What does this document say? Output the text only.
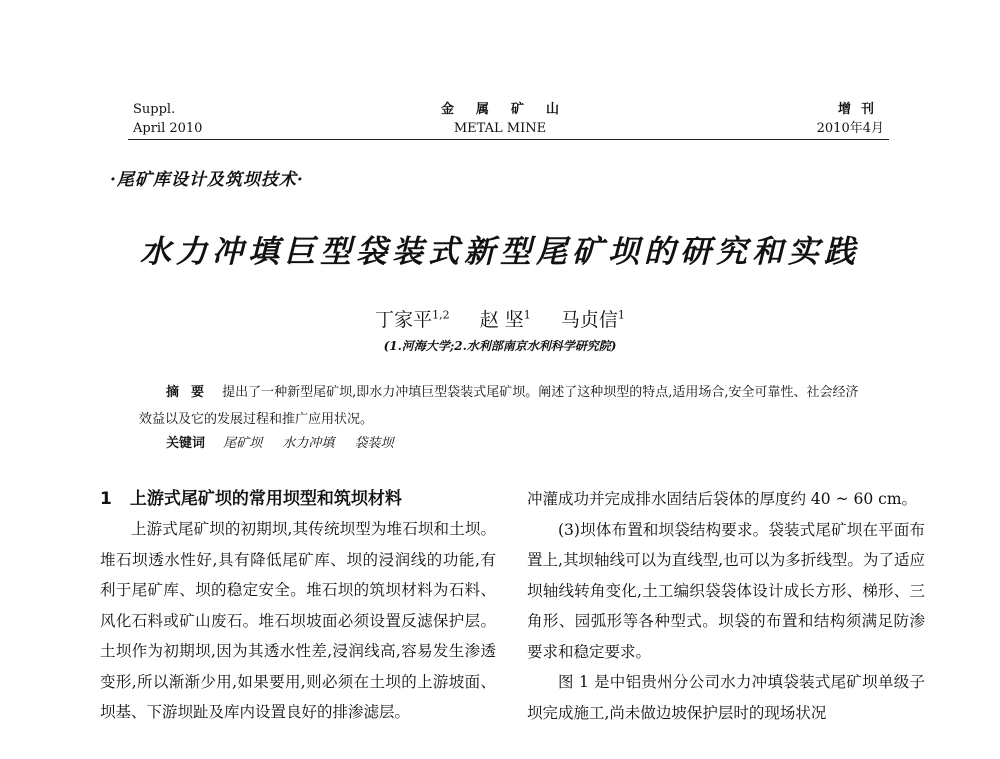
Suppl.
April 2010
金属矿山
METAL MINE
增刊
2010年4月
·尾矿库设计及筑坝技术·
水力冲填巨型袋装式新型尾矿坝的研究和实践
丁家平$^{1,2}$ 赵 坚$^1$ 马贞信$^1$
(1.河海大学;2.水利部南京水利科学研究院)
摘要 提出了一种新型尾矿坝,即水力冲填巨型袋装式尾矿坝。阐述了这种坝型的特点,适用场合,安全可靠性、社会经济效益以及它的发展过程和推广应用状况。
关键词 尾矿坝 水力冲填 袋装坝
1 上游式尾矿坝的常用坝型和筑坝材料

上游式尾矿坝的初期坝,其传统坝型为堆石坝和土坝。堆石坝透水性好,具有降低尾矿库、坝的浸润线的功能,有利于尾矿库、坝的稳定安全。堆石坝的筑坝材料为石料、风化石料或矿山废石。堆石坝坡面必须设置反滤保护层。土坝作为初期坝,因为其透水性差,浸润线高,容易发生渗透变形,所以渐渐少用,如果要用,则必须在土坝的上游坡面、坝基、下游坝趾及库内设置良好的排渗滤层。

冲灌成功并完成排水固结后袋体的厚度约 40 ~ 60 cm。

(3)坝体布置和坝袋结构要求。袋装式尾矿坝在平面布置上,其坝轴线可以为直线型,也可以为多折线型。为了适应坝轴线转角变化,土工编织袋袋体设计成长方形、梯形、三角形、园弧形等各种型式。坝袋的布置和结构须满足防渗要求和稳定要求。

图 1 是中铝贵州分公司水力冲填袋装式尾矿坝单级子坝完成施工,尚未做边坡保护层时的现场状况
